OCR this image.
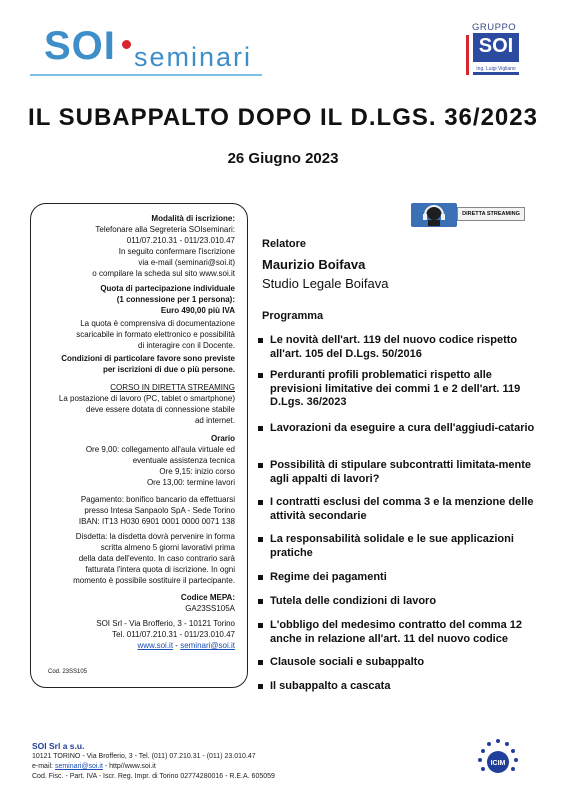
SOI seminari
GRUPPO
SOI
Ing. Luigi Vigliano
IL SUBAPPALTO DOPO IL D.LGS. 36/2023
26 Giugno 2023
Modalità di iscrizione:
Telefonare alla Segreteria SOIseminari:
011/07.210.31 - 011/23.010.47
In seguito confermare l'iscrizione
via e-mail (seminari@soi.it)
o compilare la scheda sul sito www.soi.it
Quota di partecipazione individuale
(1 connessione per 1 persona):
Euro 490,00 più IVA
La quota è comprensiva di documentazione
scaricabile in formato elettronico e possibilità
di interagire con il Docente.
Condizioni di particolare favore sono previste
per iscrizioni di due o più persone.
CORSO IN DIRETTA STREAMING
La postazione di lavoro (PC, tablet o smartphone)
deve essere dotata di connessione stabile
ad internet.
Orario
Ore 9,00: collegamento all'aula virtuale ed
eventuale assistenza tecnica
Ore 9,15: inizio corso
Ore 13,00: termine lavori
Pagamento: bonifico bancario da effettuarsi
presso Intesa Sanpaolo SpA - Sede Torino
IBAN: IT13 H030 6901 0001 0000 0071 138
Disdetta: la disdetta dovrà pervenire in forma
scritta almeno 5 giorni lavorativi prima
della data dell'evento. In caso contrario sarà
fatturata l'intera quota di iscrizione. In ogni
momento è possibile sostituire il partecipante.
Codice MEPA:
GA23SS105A
SOI Srl - Via Brofferio, 3 - 10121 Torino
Tel. 011/07.210.31 - 011/23.010.47
www.soi.it - seminari@soi.it
Cod. 23SS105
DIRETTA STREAMING
Relatore
Maurizio Boifava
Studio Legale Boifava
Programma
Le novità dell'art. 119 del nuovo codice rispetto all'art. 105 del D.Lgs. 50/2016
Perduranti profili problematici rispetto alle previsioni limitative dei commi 1 e 2 dell'art. 119 D.Lgs. 36/2023
Lavorazioni da eseguire a cura dell'aggiudi-catario
Possibilità di stipulare subcontratti limitata-mente agli appalti di lavori?
I contratti esclusi del comma 3 e la menzione delle attività secondarie
La responsabilità solidale e le sue applicazioni pratiche
Regime dei pagamenti
Tutela delle condizioni di lavoro
L'obbligo del medesimo contratto del comma 12 anche in relazione all'art. 11 del nuovo codice
Clausole sociali e subappalto
Il subappalto a cascata
SOI Srl a s.u.
10121 TORINO - Via Brofferio, 3 - Tel. (011) 07.210.31 - (011) 23.010.47
e-mail: seminari@soi.it - http//www.soi.it
Cod. Fisc. - Part. IVA - Iscr. Reg. Impr. di Torino 02774280016 - R.E.A. 605059
ICIM
